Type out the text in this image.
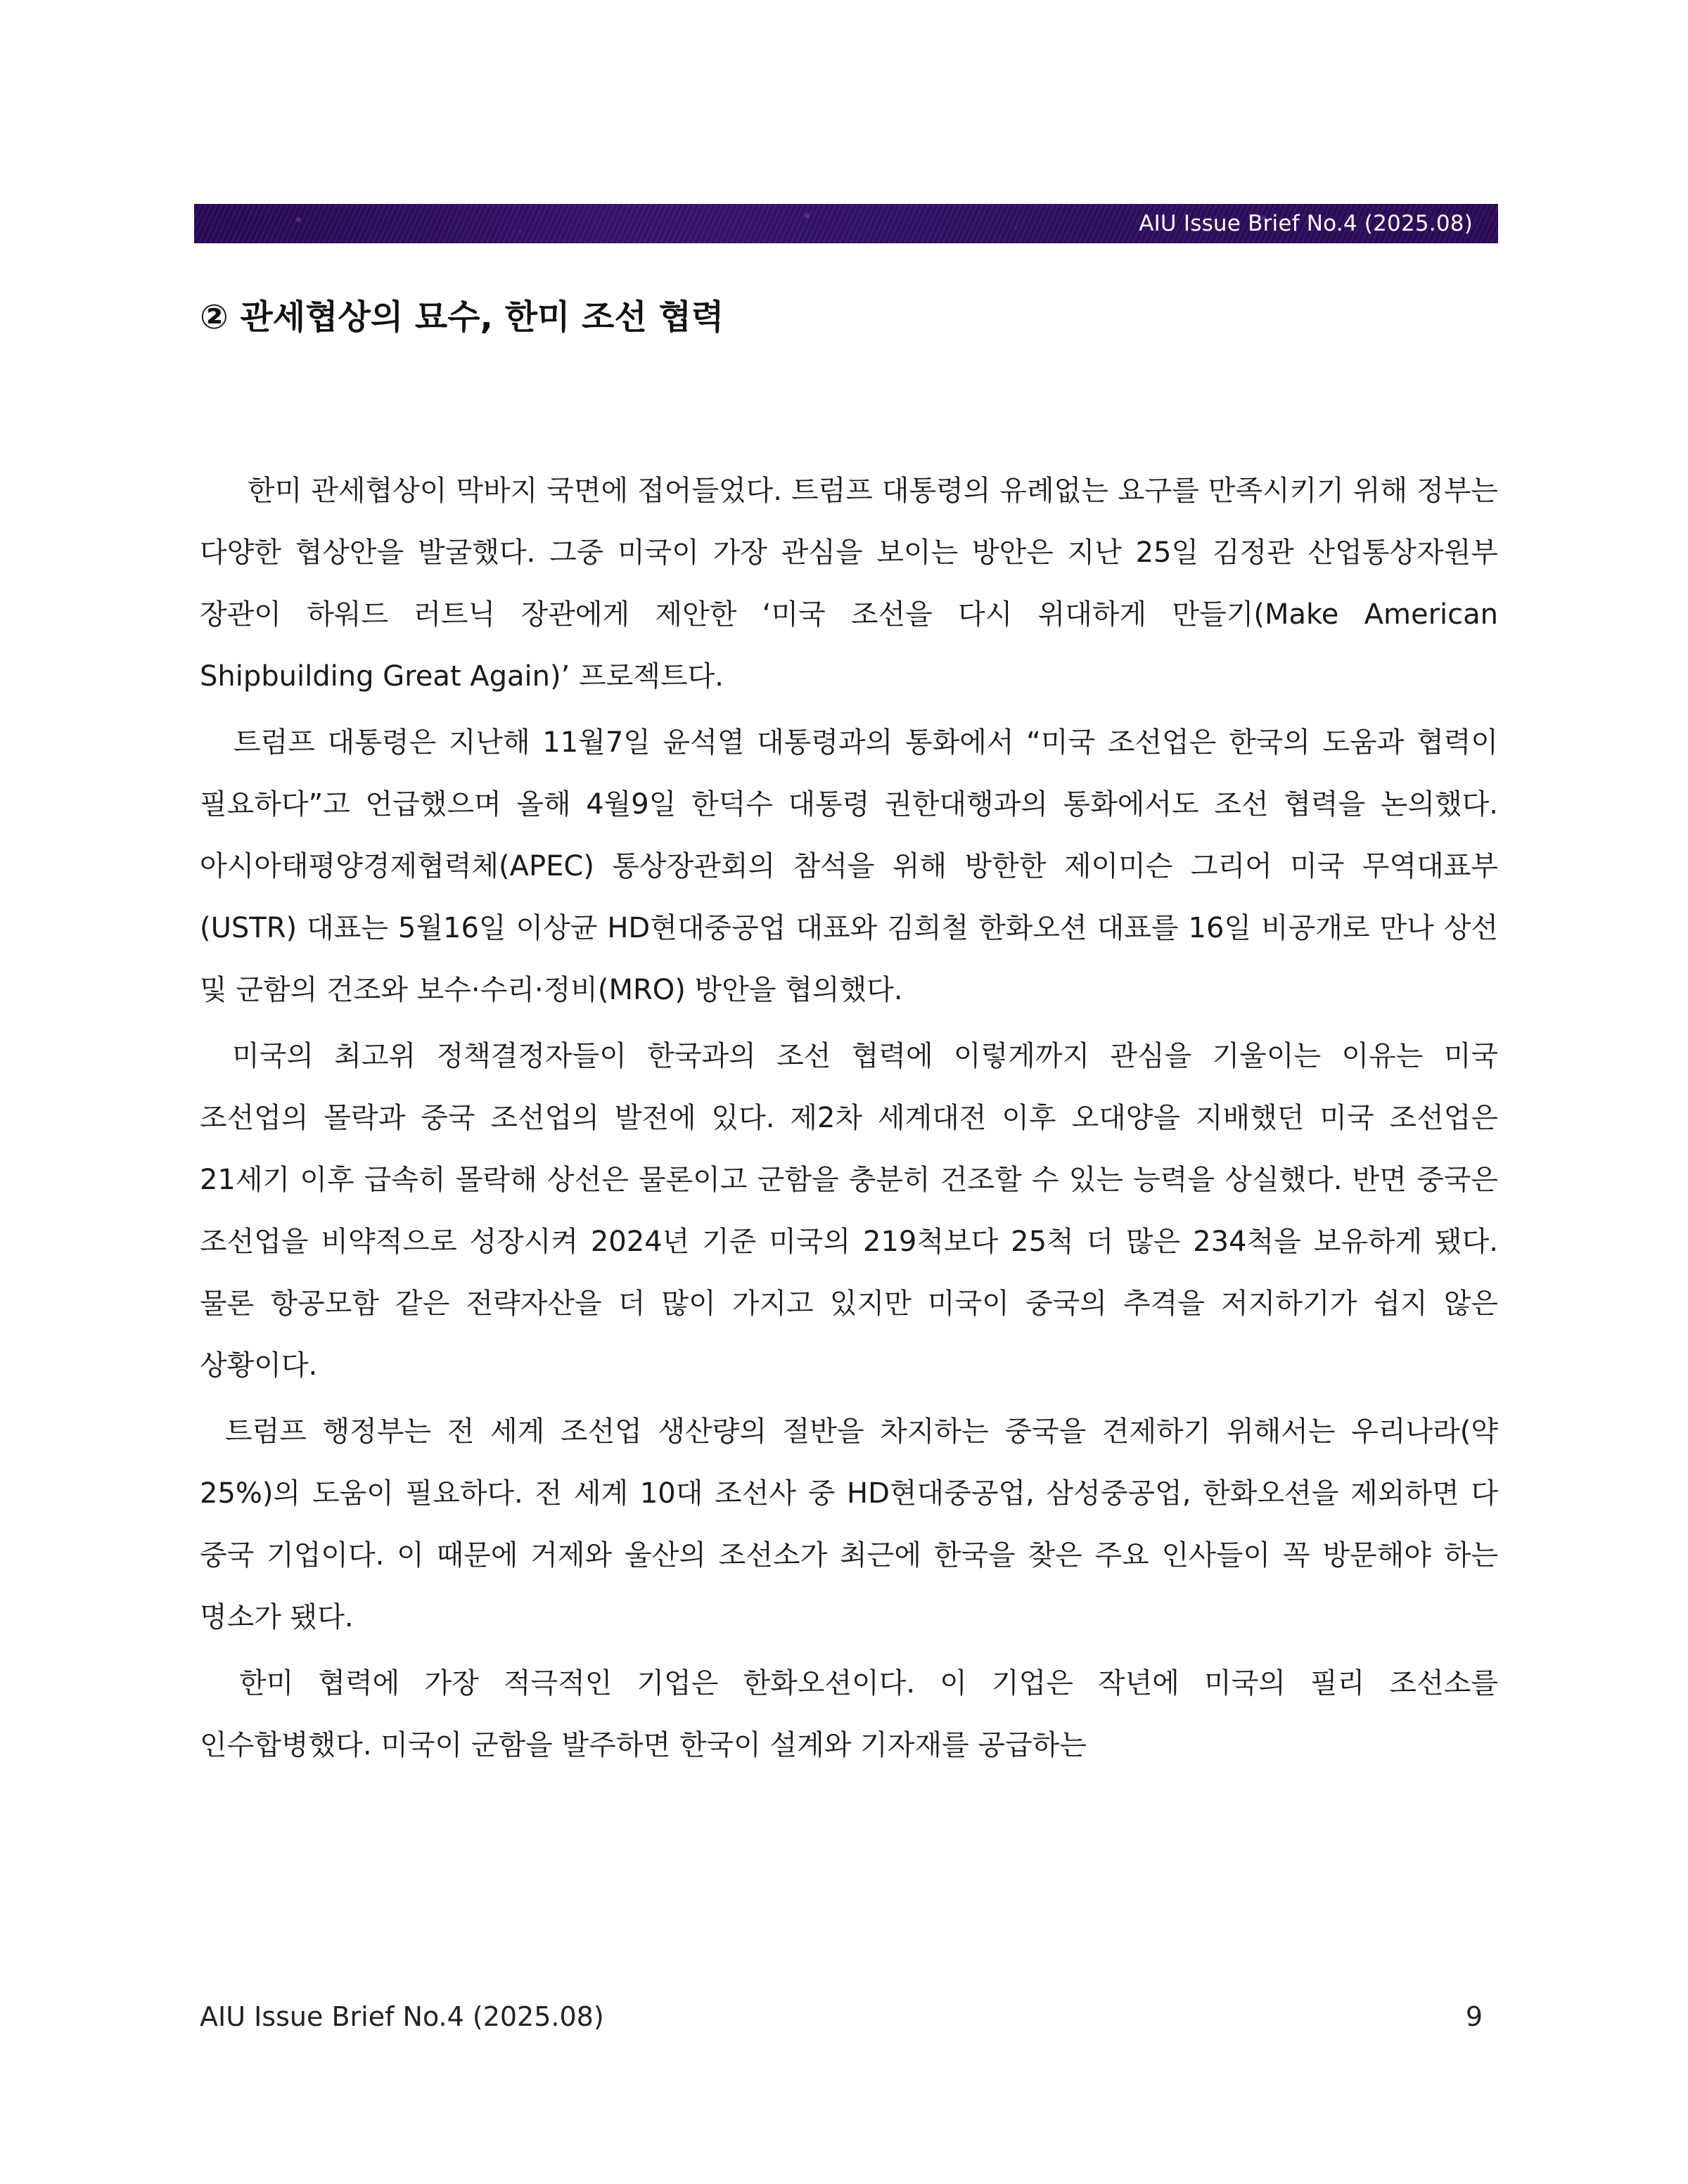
AIU Issue Brief No.4 (2025.08)
② 관세협상의 묘수, 한미 조선 협력

한미 관세협상이 막바지 국면에 접어들었다. 트럼프 대통령의 유례없는 요구를 만족시키기 위해 정부는 다양한 협상안을 발굴했다. 그중 미국이 가장 관심을 보이는 방안은 지난 25일 김정관 산업통상자원부 장관이 하워드 러트닉 장관에게 제안한 ‘미국 조선을 다시 위대하게 만들기(Make American Shipbuilding Great Again)’ 프로젝트다.

트럼프 대통령은 지난해 11월7일 윤석열 대통령과의 통화에서 “미국 조선업은 한국의 도움과 협력이 필요하다”고 언급했으며 올해 4월9일 한덕수 대통령 권한대행과의 통화에서도 조선 협력을 논의했다. 아시아태평양경제협력체(APEC) 통상장관회의 참석을 위해 방한한 제이미슨 그리어 미국 무역대표부(USTR) 대표는 5월16일 이상균 HD현대중공업 대표와 김희철 한화오션 대표를 16일 비공개로 만나 상선 및 군함의 건조와 보수·수리·정비(MRO) 방안을 협의했다.

미국의 최고위 정책결정자들이 한국과의 조선 협력에 이렇게까지 관심을 기울이는 이유는 미국 조선업의 몰락과 중국 조선업의 발전에 있다. 제2차 세계대전 이후 오대양을 지배했던 미국 조선업은 21세기 이후 급속히 몰락해 상선은 물론이고 군함을 충분히 건조할 수 있는 능력을 상실했다. 반면 중국은 조선업을 비약적으로 성장시켜 2024년 기준 미국의 219척보다 25척 더 많은 234척을 보유하게 됐다. 물론 항공모함 같은 전략자산을 더 많이 가지고 있지만 미국이 중국의 추격을 저지하기가 쉽지 않은 상황이다.

트럼프 행정부는 전 세계 조선업 생산량의 절반을 차지하는 중국을 견제하기 위해서는 우리나라(약 25%)의 도움이 필요하다. 전 세계 10대 조선사 중 HD현대중공업, 삼성중공업, 한화오션을 제외하면 다 중국 기업이다. 이 때문에 거제와 울산의 조선소가 최근에 한국을 찾은 주요 인사들이 꼭 방문해야 하는 명소가 됐다.

한미 협력에 가장 적극적인 기업은 한화오션이다. 이 기업은 작년에 미국의 필리 조선소를 인수합병했다. 미국이 군함을 발주하면 한국이 설계와 기자재를 공급하는

AIU Issue Brief No.4 (2025.08)	9
